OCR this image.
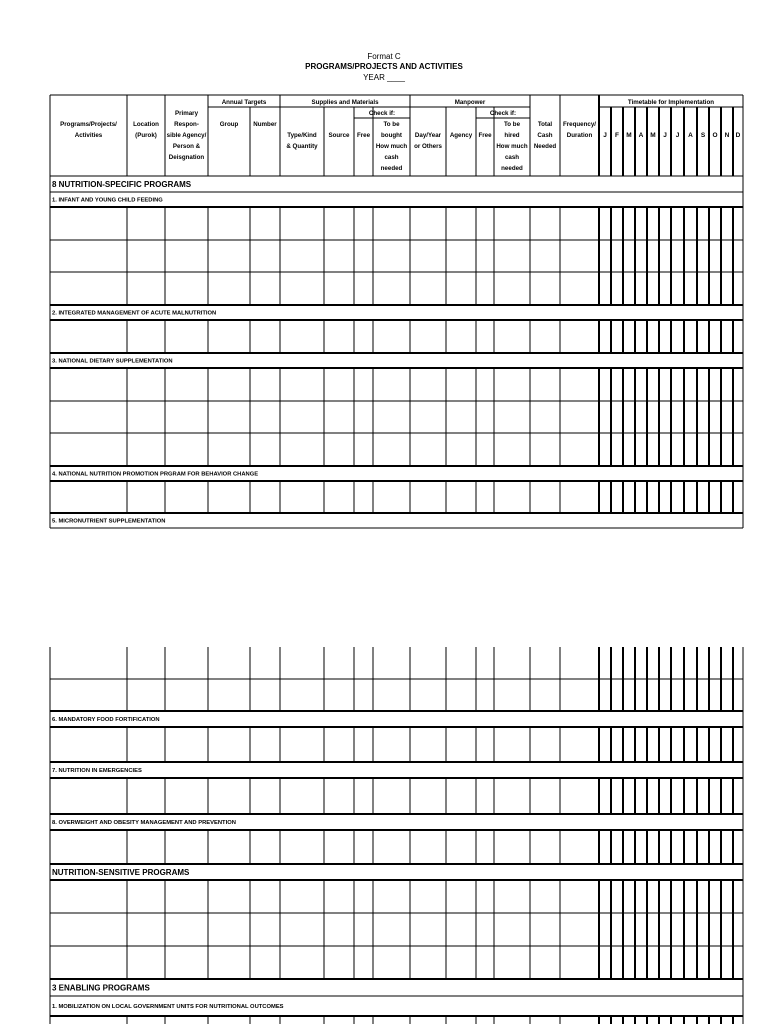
Format C
PROGRAMS/PROJECTS AND ACTIVITIES
YEAR ____
Programs/Projects/
Activities
Location
(Purok)
Primary
Respon-
sible Agency/
Person &
Deisgnation
Annual Targets
Group Number
Supplies and Materials
Check if:
Type/Kind
& Quantity
Source Free
To be
bought
How much
cash
needed
Manpower
Check if:
Day/Year
or Others
Agency Free
To be
hired
How much
cash
needed
Total
Cash
Needed
Frequency/
Duration
Timetable for Implementation
J F M A M J J A S O N D
8 NUTRITION-SPECIFIC PROGRAMS
1. INFANT AND YOUNG CHILD FEEDING
2. INTEGRATED MANAGEMENT OF ACUTE MALNUTRITION
3. NATIONAL DIETARY SUPPLEMENTATION
4. NATIONAL NUTRITION PROMOTION PRGRAM FOR BEHAVIOR CHANGE
5. MICRONUTRIENT SUPPLEMENTATION
6. MANDATORY FOOD FORTIFICATION
7. NUTRITION IN EMERGENCIES
8. OVERWEIGHT AND OBESITY MANAGEMENT AND PREVENTION
NUTRITION-SENSITIVE PROGRAMS
3 ENABLING PROGRAMS
1. MOBILIZATION ON LOCAL GOVERNMENT UNITS FOR NUTRITIONAL OUTCOMES
